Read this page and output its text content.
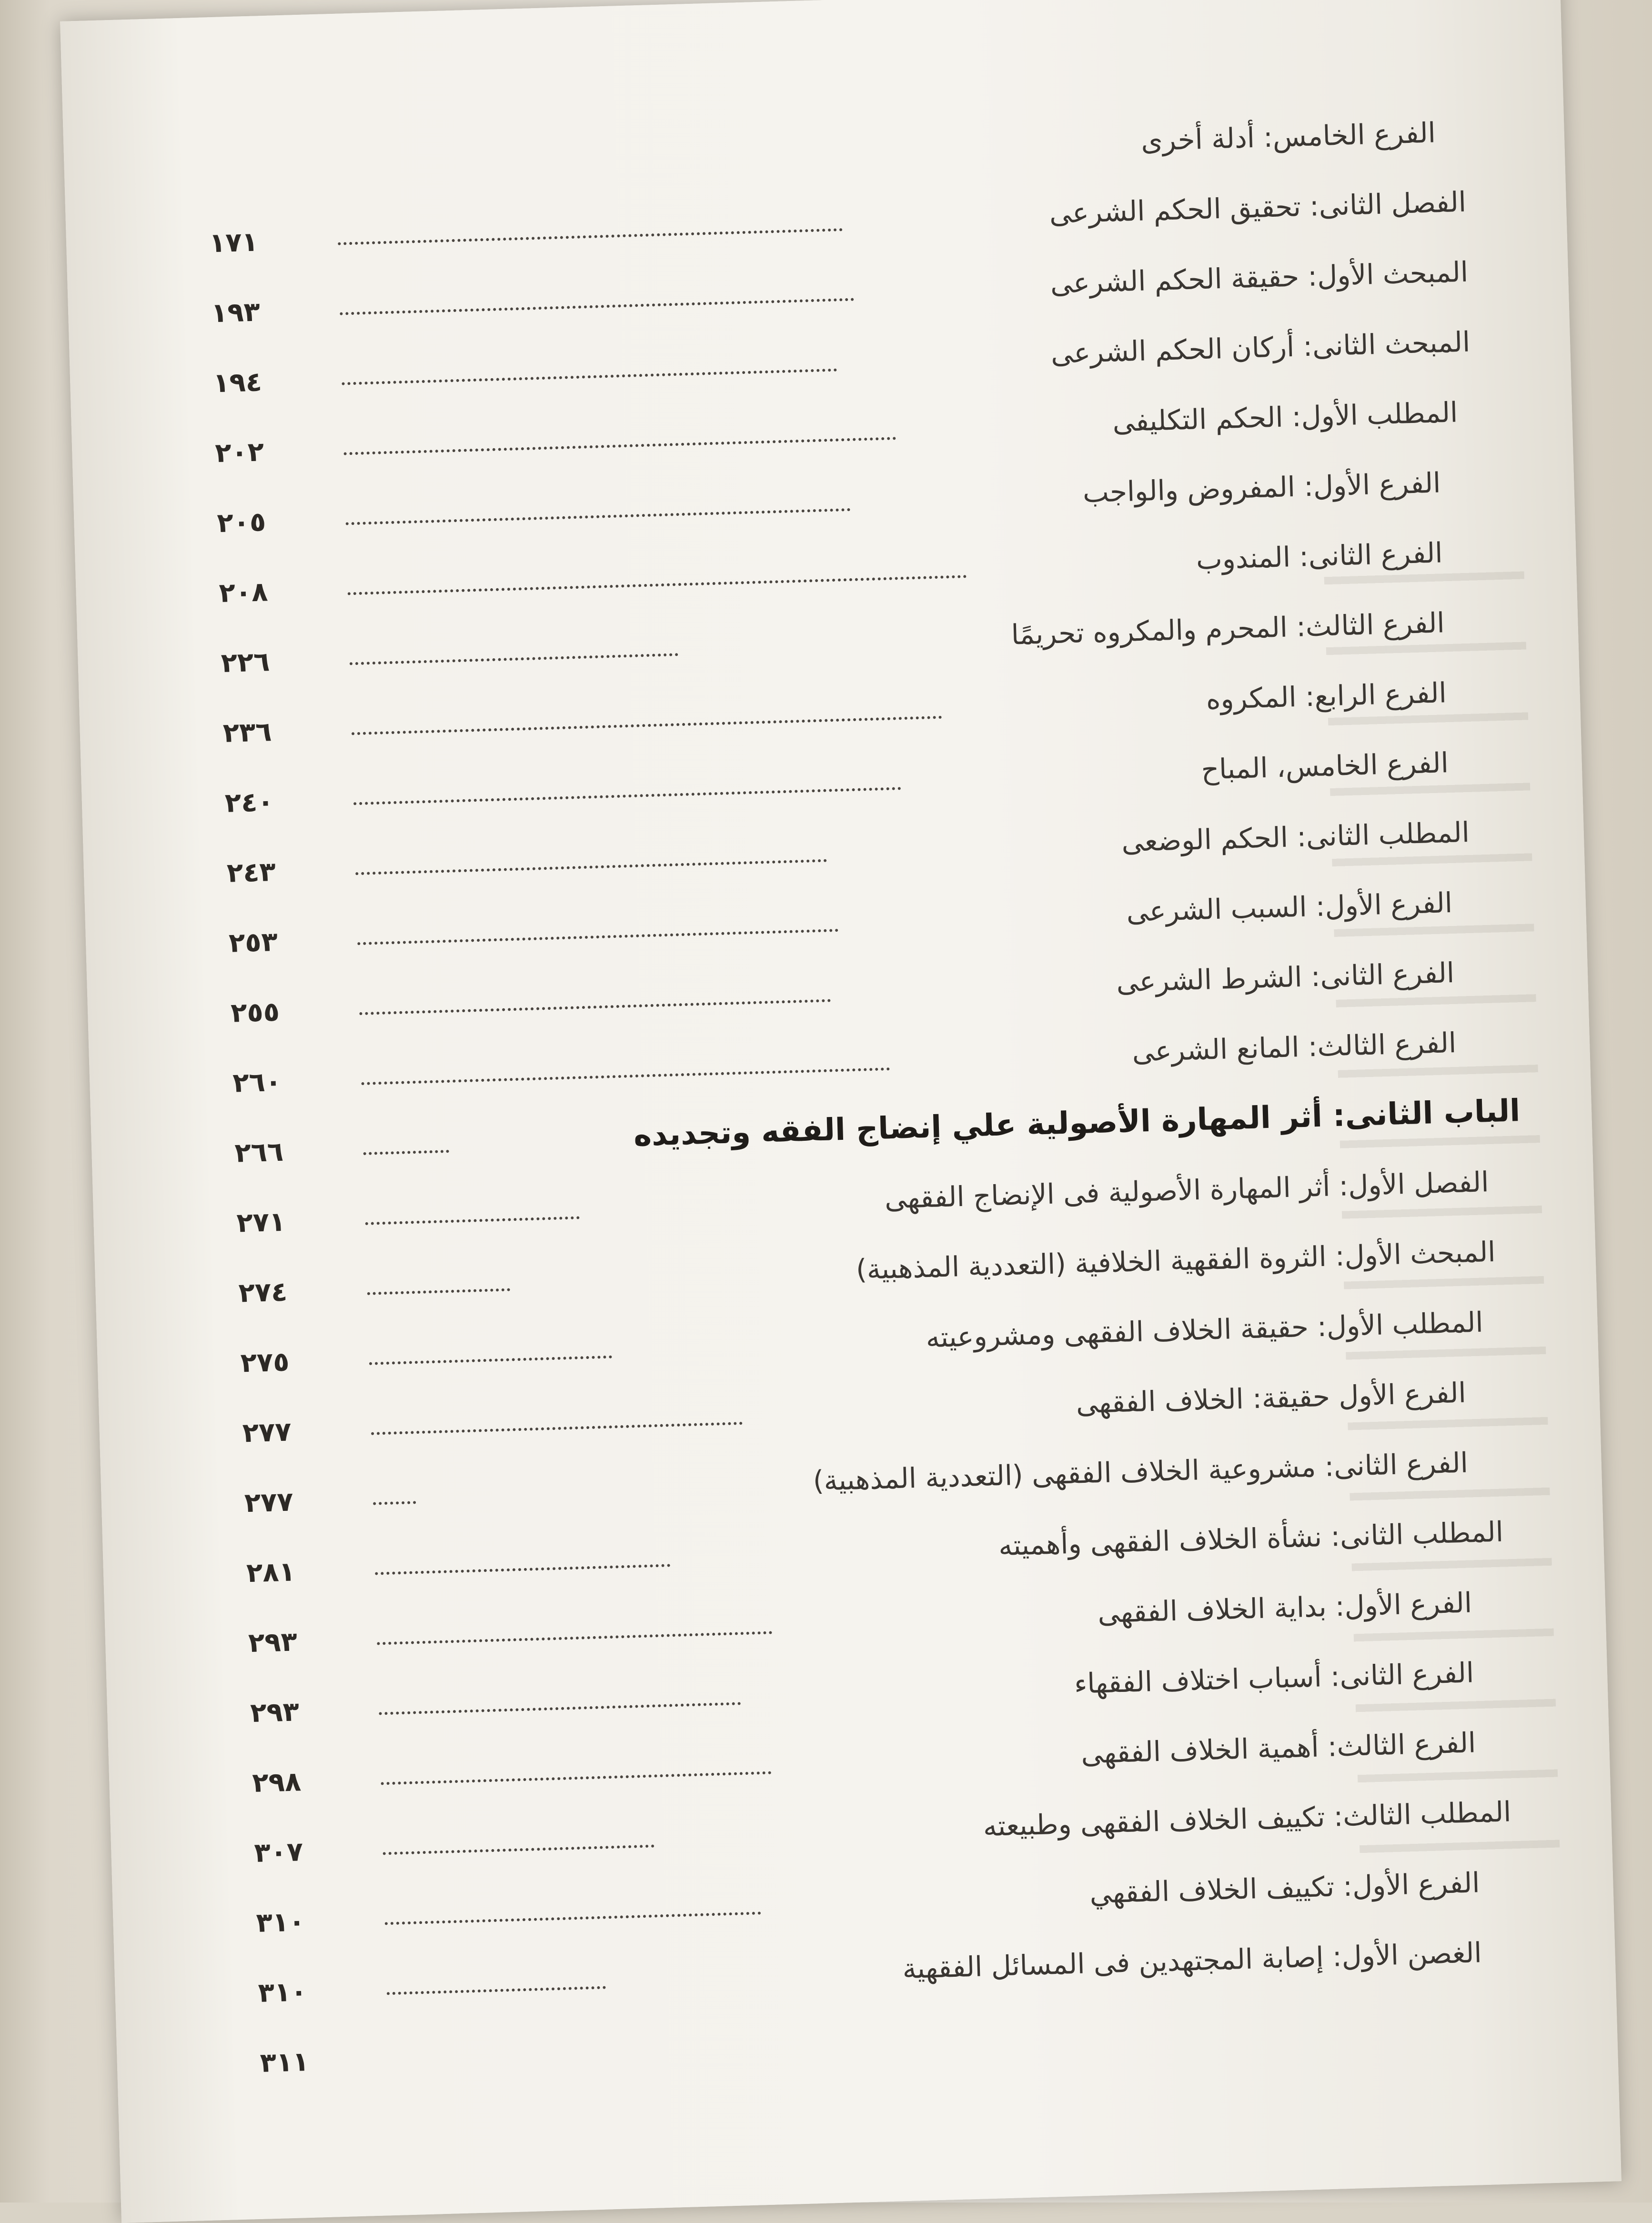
الفرع الخامس: أدلة أخرى
الفصل الثانى: تحقيق الحكم الشرعى
١٧١
المبحث الأول: حقيقة الحكم الشرعى
١٩٣
المبحث الثانى: أركان الحكم الشرعى
١٩٤
المطلب الأول: الحكم التكليفى
٢٠٢
الفرع الأول: المفروض والواجب
٢٠٥
الفرع الثانى: المندوب
٢٠٨
الفرع الثالث: المحرم والمكروه تحريمًا
٢٢٦
الفرع الرابع: المكروه
٢٣٦
الفرع الخامس، المباح
٢٤٠
المطلب الثانى: الحكم الوضعى
٢٤٣
الفرع الأول: السبب الشرعى
٢٥٣
الفرع الثانى: الشرط الشرعى
٢٥٥
الفرع الثالث: المانع الشرعى
٢٦٠
الباب الثانى: أثر المهارة الأصولية علي إنضاج الفقه وتجديده
٢٦٦
الفصل الأول: أثر المهارة الأصولية فى الإنضاج الفقهى
٢٧١
المبحث الأول: الثروة الفقهية الخلافية (التعددية المذهبية)
٢٧٤
المطلب الأول: حقيقة الخلاف الفقهى ومشروعيته
٢٧٥
الفرع الأول حقيقة: الخلاف الفقهى
٢٧٧
الفرع الثانى: مشروعية الخلاف الفقهى (التعددية المذهبية)
٢٧٧
المطلب الثانى: نشأة الخلاف الفقهى وأهميته
٢٨١
الفرع الأول: بداية الخلاف الفقهى
٢٩٣
الفرع الثانى: أسباب اختلاف الفقهاء
٢٩٣
الفرع الثالث: أهمية الخلاف الفقهى
٢٩٨
المطلب الثالث: تكييف الخلاف الفقهى وطبيعته
٣٠٧
الفرع الأول: تكييف الخلاف الفقهي
٣١٠
الغصن الأول: إصابة المجتهدين فى المسائل الفقهية
٣١٠
٣١١
